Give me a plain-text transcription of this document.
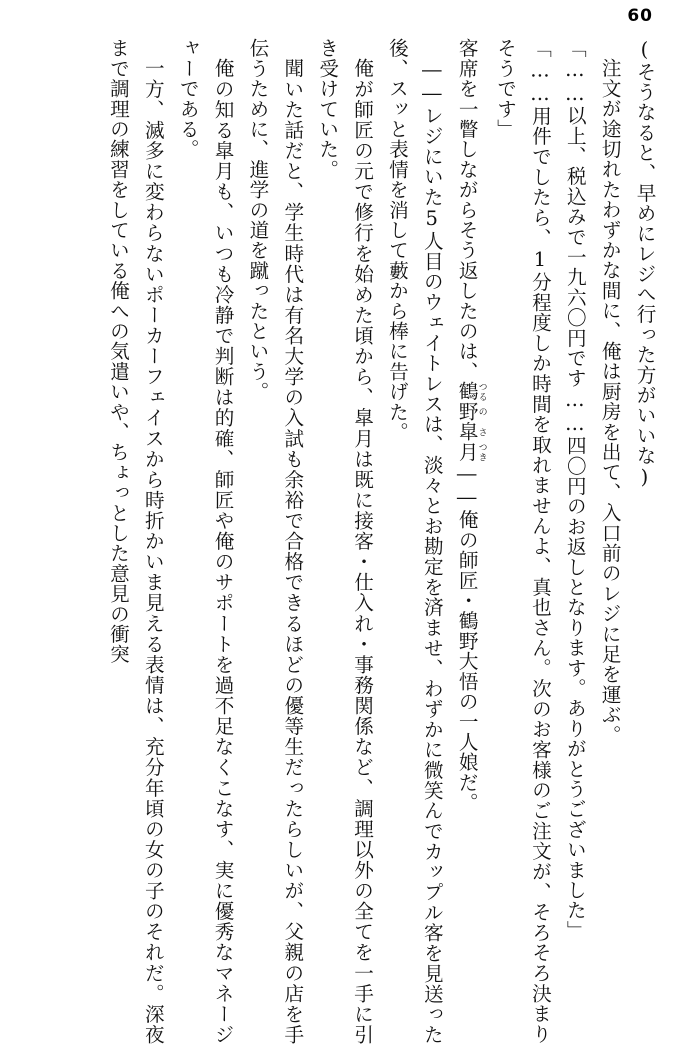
60

(そうなると、早めにレジへ行った方がいいな)

注文が途切れたわずかな間に、俺は厨房を出て、入口前のレジに足を運ぶ。

「……以上、税込みで一九六〇円です……四〇円のお返しとなります。ありがとうございました」

「……用件でしたら、1分程度しか時間を取れませんよ、真也さん。次のお客様のご注文が、そろそろ決まりそうです」

客席を一瞥しながらそう返したのは、鶴つる野の皐さ月つき――俺の師匠・鶴野大悟の一人娘だ。

――レジにいた5人目のウェイトレスは、淡々とお勘定を済ませ、わずかに微笑んでカップル客を見送った後、スッと表情を消して藪から棒に告げた。

俺が師匠の元で修行を始めた頃から、皐月は既に接客・仕入れ・事務関係など、調理以外の全てを一手に引き受けていた。

聞いた話だと、学生時代は有名大学の入試も余裕で合格できるほどの優等生だったらしいが、父親の店を手伝うために、進学の道を蹴ったという。

俺の知る皐月も、いつも冷静で判断は的確、師匠や俺のサポートを過不足なくこなす、実に優秀なマネージャーである。

一方、滅多に変わらないポーカーフェイスから時折かいま見える表情は、充分年頃の女の子のそれだ。深夜まで調理の練習をしている俺への気遣いや、ちょっとした意見の衝突
